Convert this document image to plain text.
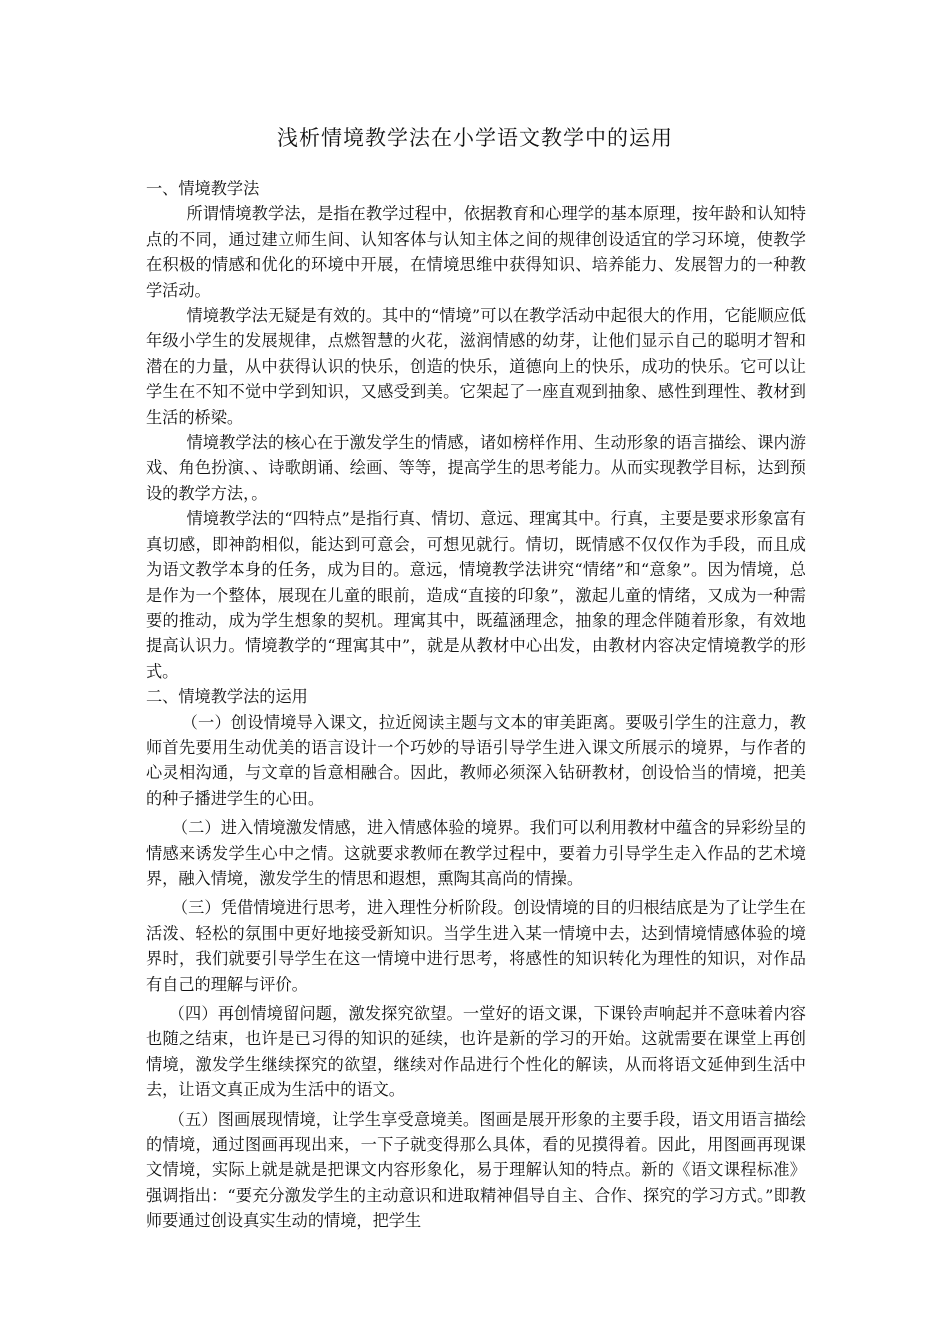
浅析情境教学法在小学语文教学中的运用

一、情境教学法

所谓情境教学法，是指在教学过程中，依据教育和心理学的基本原理，按年龄和认知特点的不同，通过建立师生间、认知客体与认知主体之间的规律创设适宜的学习环境，使教学在积极的情感和优化的环境中开展，在情境思维中获得知识、培养能力、发展智力的一种教学活动。

情境教学法无疑是有效的。其中的“情境”可以在教学活动中起很大的作用，它能顺应低年级小学生的发展规律，点燃智慧的火花，滋润情感的幼芽，让他们显示自己的聪明才智和潜在的力量，从中获得认识的快乐，创造的快乐，道德向上的快乐，成功的快乐。它可以让学生在不知不觉中学到知识，又感受到美。它架起了一座直观到抽象、感性到理性、教材到生活的桥梁。

情境教学法的核心在于激发学生的情感，诸如榜样作用、生动形象的语言描绘、课内游戏、角色扮演、、诗歌朗诵、绘画、等等，提高学生的思考能力。从而实现教学目标，达到预设的教学方法，。

情境教学法的“四特点”是指行真、情切、意远、理寓其中。行真，主要是要求形象富有真切感，即神韵相似，能达到可意会，可想见就行。情切，既情感不仅仅作为手段，而且成为语文教学本身的任务，成为目的。意远，情境教学法讲究“情绪”和“意象”。因为情境，总是作为一个整体，展现在儿童的眼前，造成“直接的印象”，激起儿童的情绪，又成为一种需要的推动，成为学生想象的契机。理寓其中，既蕴涵理念，抽象的理念伴随着形象，有效地提高认识力。情境教学的“理寓其中”，就是从教材中心出发，由教材内容决定情境教学的形式。

二、情境教学法的运用

（一）创设情境导入课文，拉近阅读主题与文本的审美距离。要吸引学生的注意力，教师首先要用生动优美的语言设计一个巧妙的导语引导学生进入课文所展示的境界，与作者的心灵相沟通，与文章的旨意相融合。因此，教师必须深入钻研教材，创设恰当的情境，把美的种子播进学生的心田。

（二）进入情境激发情感，进入情感体验的境界。我们可以利用教材中蕴含的异彩纷呈的情感来诱发学生心中之情。这就要求教师在教学过程中，要着力引导学生走入作品的艺术境界，融入情境，激发学生的情思和遐想，熏陶其高尚的情操。

（三）凭借情境进行思考，进入理性分析阶段。创设情境的目的归根结底是为了让学生在活泼、轻松的氛围中更好地接受新知识。当学生进入某一情境中去，达到情境情感体验的境界时，我们就要引导学生在这一情境中进行思考，将感性的知识转化为理性的知识，对作品有自己的理解与评价。

（四）再创情境留问题，激发探究欲望。一堂好的语文课，下课铃声响起并不意味着内容也随之结束，也许是已习得的知识的延续，也许是新的学习的开始。这就需要在课堂上再创情境，激发学生继续探究的欲望，继续对作品进行个性化的解读，从而将语文延伸到生活中去，让语文真正成为生活中的语文。

（五）图画展现情境，让学生享受意境美。图画是展开形象的主要手段，语文用语言描绘的情境，通过图画再现出来，一下子就变得那么具体，看的见摸得着。因此，用图画再现课文情境，实际上就是就是把课文内容形象化，易于理解认知的特点。新的《语文课程标准》强调指出：“要充分激发学生的主动意识和进取精神倡导自主、合作、探究的学习方式。”即教师要通过创设真实生动的情境，把学生
